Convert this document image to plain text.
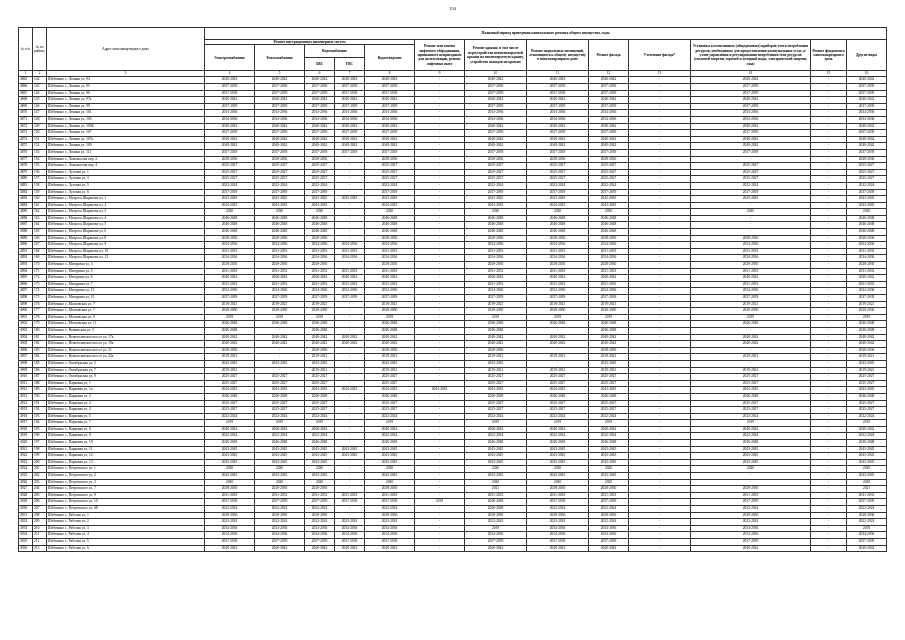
154
№ п/п	№ по району	Адрес многоквартирного дома	Плановый период проведения капитального ремонта общего имущества, годы												
			Ремонт внутридомовых инженерных систем					Ремонт или замена лифтового оборудования, признанного непригодным для эксплуатации, ремонт лифтовых шахт	Ремонт крыши, в том числе переустройство невентилируемой крыши на вентилируемую крышу, устройство выходов на кровлю	Ремонт подвальных помещений, относящихся к общему имуществу в многоквартирном доме	Ремонт фасада	Утепление фасада*	Установка коллективных (общедомовых) приборов учета потребления ресурсов, необходимых для предоставления коммунальных услуг, и узлов управления и регулирования потребления этих ресурсов (тепловой энергии, горячей и холодной воды, электрической энергии, газа)	Ремонт фундамента многоквартирного дома	Другие виды
			Электроснабжение	Теплоснабжение	Водоснабжение		Водоотведение								
					ХВС	ГВС									
1	2	3	4	5	6	7	8	9	10	11	12	13	14	15	16
4865	142	Шебекино г., Ленина ул, 94	2040-2042	2040-2042	2040-2042	2040-2042	2040-2042	-	2040-2042	2040-2042	2040-2042	-	2040-2042	-	2040-2042
4866	143	Шебекино г., Ленина ул, 95	2037-2039	2037-2039	2037-2039	2037-2039	2037-2039	-	2037-2039	2037-2039	2037-2039	-	2037-2039	-	2037-2039
4867	144	Шебекино г., Ленина ул, 96	2037-2039	2037-2039	2037-2039	2037-2039	2037-2039	-	2037-2039	2037-2039	2037-2039	-	2037-2039	-	2037-2039
4868	145	Шебекино г., Ленина ул, 97а	2040-2042	2040-2042	2040-2042	2040-2042	2040-2042	-	2040-2042	2040-2042	2040-2042	-	2040-2042	-	2040-2042
4869	146	Шебекино г., Ленина ул, 99	2037-2039	2037-2039	2037-2039	2037-2039	2037-2039	-	2037-2039	2037-2039	2037-2039	-	2037-2039	-	2037-2039
4870	147	Шебекино г., Ленина ул, 101	2034-2036	2034-2036	2034-2036	2034-2036	2034-2036	-	2034-2036	2034-2036	2034-2036	-	2034-2036	-	2034-2036
4871	148	Шебекино г., Ленина ул, 103	2034-2036	2034-2036	2034-2036	2034-2036	2034-2036	-	2034-2036	2034-2036	2034-2036	-	2034-2036	-	2034-2036
4872	149	Шебекино г., Ленина ул, 103Б	2040-2042	2040-2042	2040-2042	2040-2042	2040-2042	-	2040-2042	2040-2042	2040-2042	-	2040-2042	-	2040-2042
4873	150	Шебекино г., Ленина ул, 107	2037-2039	2037-2039	2037-2039	2037-2039	2037-2039	-	2037-2039	2037-2039	2037-2039	-	2037-2039	-	2037-2039
4874	151	Шебекино г., Ленина ул, 107а	2040-2042	2040-2042	2040-2042	2040-2042	2040-2042	-	2040-2042	2040-2042	2040-2042	-	2040-2042	-	2040-2042
4875	152	Шебекино г., Ленина ул, 109	2040-2042	2040-2042	2040-2042	2040-2042	2040-2042	-	2040-2042	2040-2042	2040-2042	-	2040-2042	-	2040-2042
4876	153	Шебекино г., Ленина ул, 111	2037-2039	2037-2039	2037-2039	2037-2039	2037-2039	-	2037-2039	2037-2039	2037-2039	-	2037-2039	-	2037-2039
4877	154	Шебекино г., Ломоносова пер, 2	2028-2030	2028-2030	2028-2030	-	2028-2030	-	2028-2030	2028-2030	2028-2030	-	-	-	2028-2030
4878	155	Шебекино г., Ломоносова пер, 4	2025-2027	2025-2027	2025-2027	-	2025-2027	-	2025-2027	2025-2027	2025-2027	-	2025-2027	-	2025-2027
4879	156	Шебекино г., Луговая ул, 1	2025-2027	2025-2027	2025-2027	-	2025-2027	-	2025-2027	2025-2027	2025-2027	-	2025-2027	-	2025-2027
4880	157	Шебекино г., Луговая ул, 3	2025-2027	2025-2027	2025-2027	-	2025-2027	-	2025-2027	2025-2027	2025-2027	-	2025-2027	-	2025-2027
4881	158	Шебекино г., Луговая ул, 5	2022-2024	2022-2024	2022-2024	-	2022-2024	-	2022-2024	2022-2024	2022-2024	-	2022-2024	-	2022-2024
4882	159	Шебекино г., Луговая ул, 6	2037-2039	2037-2039	2037-2039	-	2037-2039	-	2037-2039	2037-2039	2037-2039	-	2037-2039	-	2037-2039
4883	160	Шебекино г., Матроса Шарапова ул, 1	2043-2045	2043-2045	2043-2045	2043-2045	2043-2045	-	2043-2045	2043-2045	2043-2045	-	2043-2045	-	2043-2045
4884	161	Шебекино г., Матроса Шарапова ул, 2	2043-2045	2043-2045	2043-2045	-	2043-2045	-	2043-2045	2043-2045	2043-2045	-	-	-	2043-2045
4885	162	Шебекино г., Матроса Шарапова ул, 3	2020	2020	2020	-	2020	-	2020	2020	2020	-	2020	-	2020
4886	163	Шебекино г., Матроса Шарапова ул, 4	2046-2048	2046-2048	2046-2048	-	2046-2048	-	2046-2048	2046-2048	2046-2048	-	-	-	2046-2048
4887	164	Шебекино г., Матроса Шарапова ул, 5	2046-2048	2046-2048	2046-2048	-	2046-2048	-	2046-2048	2046-2048	2046-2048	-	-	-	2046-2048
4888	165	Шебекино г., Матроса Шарапова ул, 6	2046-2048	2046-2048	2046-2048	-	2046-2048	-	2046-2048	2046-2048	2046-2048	-	-	-	2046-2048
4889	166	Шебекино г., Матроса Шарапова ул, 8	2028-2030	2028-2030	2028-2030	-	2028-2030	-	2028-2030	2028-2030	2028-2030	-	2028-2030	-	2028-2030
4890	167	Шебекино г., Матроса Шарапова ул, 9	2034-2036	2034-2036	2034-2036	2034-2036	2034-2036	-	2034-2036	2034-2036	2034-2036	-	2034-2036	-	2034-2036
4891	168	Шебекино г., Матроса Шарапова ул, 10	2031-2033	2031-2033	2031-2033	2031-2033	2031-2033	-	2031-2033	2031-2033	2031-2033	-	2031-2033	-	2031-2033
4892	169	Шебекино г., Матроса Шарапова ул, 12	2034-2036	2034-2036	2034-2036	2034-2036	2034-2036	-	2034-2036	2034-2036	2034-2036	-	2034-2036	-	2034-2036
4893	170	Шебекино г., Мичурина ул, 3	2028-2030	2028-2030	2028-2030	-	2028-2030	-	2028-2030	2028-2030	2028-2030	-	2028-2030	-	2028-2030
4894	171	Шебекино г., Мичурина ул, 5	2031-2033	2031-2033	2031-2033	2031-2033	2031-2033	-	2031-2033	2031-2033	2031-2033	-	2031-2033	-	2031-2033
4895	172	Шебекино г., Мичурина ул, 6	2040-2042	2040-2042	2040-2042	2040-2042	2040-2042	-	2040-2042	2040-2042	2040-2042	-	2040-2042	-	2040-2042
4896	173	Шебекино г., Мичурина ул, 7	2031-2033	2031-2033	2031-2033	2031-2033	2031-2033	-	2031-2033	2031-2033	2031-2033	-	2031-2033	-	2031-2033
4897	174	Шебекино г., Мичурина ул, 13	2034-2036	2034-2036	2034-2036	2034-2036	2034-2036	-	2034-2036	2034-2036	2034-2036	-	2034-2036	-	2034-2036
4898	175	Шебекино г., Мичурина ул, 15	2037-2039	2037-2039	2037-2039	2037-2039	2037-2039	-	2037-2039	2037-2039	2037-2039	-	2037-2039	-	2037-2039
4899	176	Шебекино г., Московская ул, 7	2019-2021	2019-2021	2019-2021	-	2019-2021	-	2019-2021	2019-2021	2019-2021	-	2019-2021	-	2019-2021
4900	177	Шебекино г., Московская ул, 7	2028-2030	2028-2030	2028-2030	-	2028-2030	-	2028-2030	2028-2030	2028-2030	-	2028-2030	-	2028-2030
4901	178	Шебекино г., Московская ул, 9	2019	2019	2019	-	2019	-	2019	2019	2019	-	2019	-	2019
4902	179	Шебекино г., Московская ул, 11	2046-2048	2046-2048	2046-2048	-	2046-2048	-	2046-2048	2046-2048	2046-2048	-	2046-2048	-	2046-2048
4903	180	Шебекино г., Нежинская ул, 3	2046-2048	-	2046-2048	-	2046-2048	-	2046-2048	-	2046-2048	-	-	-	2046-2048
4904	181	Шебекино г., Нежеголевское шоссе ул, 17а	2040-2042	2040-2042	2040-2042	2040-2042	2040-2042	-	2040-2042	2040-2042	2040-2042	-	2040-2042	-	2040-2042
4905	182	Шебекино г., Нежеголевское шоссе ул, 19а	2040-2042	2040-2042	2040-2042	2040-2042	2040-2042	-	2040-2042	2040-2042	2040-2042	-	2040-2042	-	2040-2042
4906	183	Шебекино г., Нежеголевское шоссе ул, 21	2028-2030	-	2028-2030	-	2028-2030	-	2028-2030	-	2028-2030	-	-	-	2028-2030
4907	184	Шебекино г., Нежеголевское шоссе ул, 43а	2019-2021	-	2019-2021	-	2019-2021	-	2019-2021	2019-2021	2019-2021	-	2019-2021	-	2019-2021
4908	185	Шебекино г., Октябрьская ул, 5	2043-2045	2043-2045	2043-2045	-	2043-2045	-	2043-2045	-	2043-2045	-	-	-	2043-2045
4909	186	Шебекино г., Октябрьская ул, 7	2019-2021	-	2019-2021	-	2019-2021	-	2019-2021	2019-2021	2019-2021	-	2019-2021	-	2019-2021
4910	187	Шебекино г., Октябрьская ул, 9	2025-2027	2025-2027	2025-2027	-	2025-2027	-	2025-2027	2025-2027	2025-2027	-	2025-2027	-	2025-2027
4911	188	Шебекино г., Парковая ул, 1	2025-2027	2025-2027	2025-2027	-	2025-2027	-	2025-2027	2025-2027	2025-2027	-	2025-2027	-	2025-2027
4912	189	Шебекино г., Парковая ул, 1а	2043-2045	2043-2045	2043-2045	2043-2045	2043-2045	2043-2045	2043-2045	2043-2045	2043-2045	-	2043-2045	-	2043-2045
4913	190	Шебекино г., Парковая ул, 2	2046-2048	2046-2048	2046-2048	-	2046-2048	-	2046-2048	2046-2048	2046-2048	-	2046-2048	-	2046-2048
4914	191	Шебекино г., Парковая ул, 2	2025-2027	2025-2027	2025-2027	-	2025-2027	-	2025-2027	2025-2027	2025-2027	-	2025-2027	-	2025-2027
4915	192	Шебекино г., Парковая ул, 4	2025-2027	2025-2027	2025-2027	-	2025-2027	-	2025-2027	2025-2027	2025-2027	-	2025-2027	-	2025-2027
4916	193	Шебекино г., Парковая ул, 5	2022-2024	2022-2024	2022-2024	-	2022-2024	-	2022-2024	2022-2024	2022-2024	-	2022-2024	-	2022-2024
4917	194	Шебекино г., Парковая ул, 7	2019	2019	2019	-	2019	-	2019	2019	2019	-	2019	-	2019
4918	195	Шебекино г., Парковая ул, 8	2040-2042	2040-2042	2040-2042	-	2040-2042	-	2040-2042	2040-2042	2040-2042	-	2040-2042	-	2040-2042
4919	196	Шебекино г., Парковая ул, 9	2022-2024	2022-2024	2022-2024	-	2022-2024	-	2022-2024	2022-2024	2022-2024	-	2022-2024	-	2022-2024
4920	197	Шебекино г., Парковая ул, 10	2046-2048	2046-2048	2046-2048	-	2046-2048	-	2046-2048	2046-2048	2046-2048	-	2046-2048	-	2046-2048
4921	198	Шебекино г., Парковая ул, 11	2043-2045	2043-2045	2043-2045	2043-2045	2043-2045	-	2043-2045	2043-2045	2043-2045	-	2043-2045	-	2043-2045
4922	199	Шебекино г., Парковая ул, 12	2043-2045	2043-2045	2043-2045	2043-2045	2043-2045	-	2043-2045	2043-2045	2043-2045	-	2043-2045	-	2043-2045
4923	200	Шебекино г., Парковая ул, 13	2043-2045	2043-2045	2043-2045	-	2043-2045	-	2043-2045	2043-2045	2043-2045	-	2043-2045	-	2043-2045
4924	201	Шебекино г., Петровского ул, 1	2020	2020	2020	-	2020	-	2020	2020	2020	-	2020	-	2020
4925	202	Шебекино г., Петровского ул, 2	2043-2045	2043-2045	2043-2045	-	2043-2045	-	2043-2045	2043-2045	2043-2045	-	-	-	2043-2045
4926	203	Шебекино г., Петровского ул, 3	2020	2020	2020	-	2020	-	2020	2020	2020	-	-	-	2020
4927	204	Шебекино г., Петровского ул, 7	2028-2030	2028-2030	2028-2030	-	2028-2030	-	2021	2028-2030	2028-2030	-	2028-2030	-	2021
4928	205	Шебекино г., Петровского ул, 9	2031-2033	2031-2033	2031-2033	2031-2033	2031-2033	-	2031-2033	2031-2033	2031-2033	-	2031-2033	-	2031-2033
4929	206	Шебекино г., Петровского ул, 10	2037-2039	2037-2039	2037-2039	2037-2039	2037-2039	2019	2046-2048	2037-2039	2037-2039	-	2037-2039	-	2037-2039
4930	207	Шебекино г., Петровского ул, 48	2022-2024	2022-2024	2022-2024	-	2022-2024	-	2046-2048	2022-2024	2022-2024	-	2022-2024	-	2022-2024
4931	208	Шебекино г., Рабочая ул, 1	2028-2030	2028-2030	2028-2030	-	2028-2030	-	2028-2030	2028-2030	2028-2030	-	2028-2030	-	2028-2030
4932	209	Шебекино г., Рабочая ул, 2	2022-2024	2022-2024	2022-2024	2022-2024	2022-2024	-	2022-2024	2022-2024	2022-2024	-	2022-2024	-	2022-2024
4933	210	Шебекино г., Рабочая ул, 3	2034-2036	2034-2036	2034-2036	2034-2036	2034-2036	-	2019	2034-2036	2034-2036	-	2034-2036	-	2019
4934	211	Шебекино г., Рабочая ул, 4	2034-2036	2034-2036	2034-2036	2034-2036	2034-2036	-	2034-2036	2034-2036	2034-2036	-	2034-2036	-	2034-2036
4935	212	Шебекино г., Рабочая ул, 5	2037-2039	2037-2039	2037-2039	2037-2039	2037-2039	-	2037-2039	2037-2039	2037-2039	-	2037-2039	-	2037-2039
4936	213	Шебекино г., Рабочая ул, 6	2040-2042	2040-2042	2040-2042	2040-2042	2040-2042	-	2040-2042	2040-2042	2040-2042	-	2040-2042	-	2040-2042
